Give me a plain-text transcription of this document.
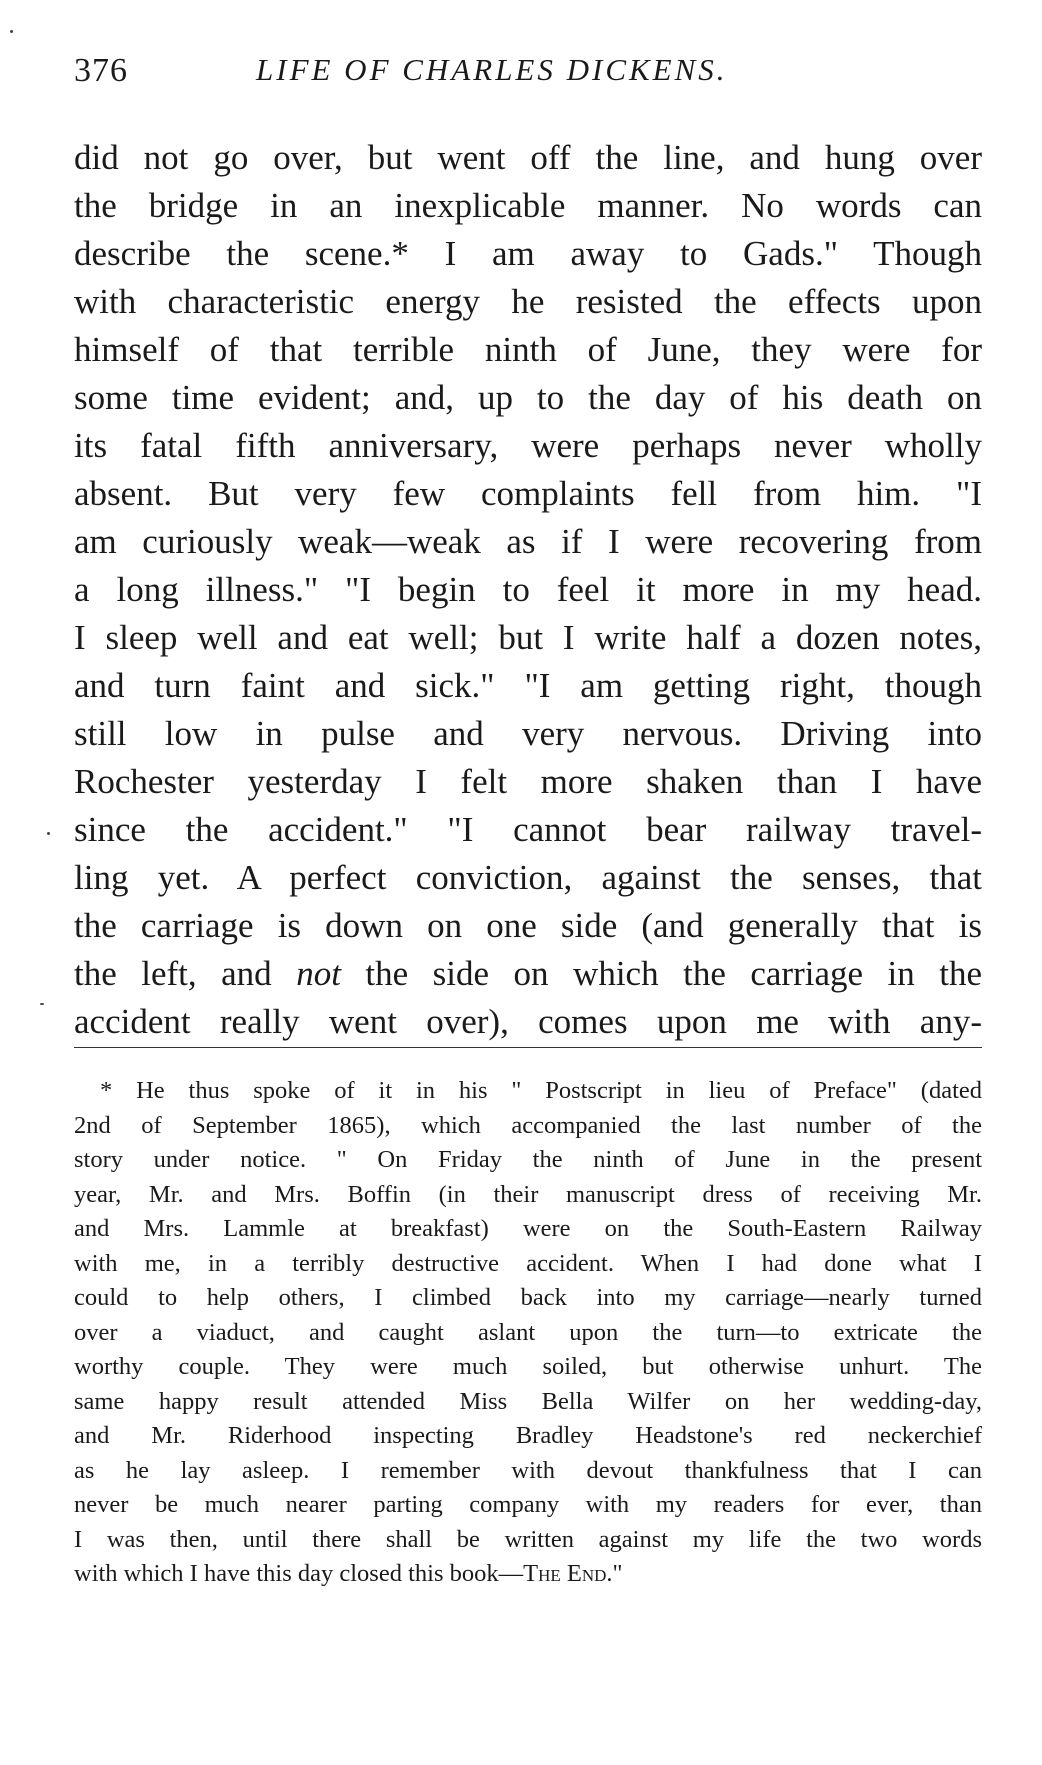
376	LIFE OF CHARLES DICKENS.
did not go over, but went off the line, and hung over
the bridge in an inexplicable manner. No words can
describe the scene.* I am away to Gads." Though
with characteristic energy he resisted the effects upon
himself of that terrible ninth of June, they were for
some time evident; and, up to the day of his death on
its fatal fifth anniversary, were perhaps never wholly
absent. But very few complaints fell from him. "I
am curiously weak—weak as if I were recovering from
a long illness." "I begin to feel it more in my head.
I sleep well and eat well; but I write half a dozen notes,
and turn faint and sick." "I am getting right, though
still low in pulse and very nervous. Driving into
Rochester yesterday I felt more shaken than I have
since the accident." "I cannot bear railway travel-
ling yet. A perfect conviction, against the senses, that
the carriage is down on one side (and generally that is
the left, and not the side on which the carriage in the
accident really went over), comes upon me with any-
* He thus spoke of it in his " Postscript in lieu of Preface" (dated
2nd of September 1865), which accompanied the last number of the
story under notice. " On Friday the ninth of June in the present
year, Mr. and Mrs. Boffin (in their manuscript dress of receiving Mr.
and Mrs. Lammle at breakfast) were on the South-Eastern Railway
with me, in a terribly destructive accident. When I had done what I
could to help others, I climbed back into my carriage—nearly turned
over a viaduct, and caught aslant upon the turn—to extricate the
worthy couple. They were much soiled, but otherwise unhurt. The
same happy result attended Miss Bella Wilfer on her wedding-day,
and Mr. Riderhood inspecting Bradley Headstone's red neckerchief
as he lay asleep. I remember with devout thankfulness that I can
never be much nearer parting company with my readers for ever, than
I was then, until there shall be written against my life the two words
with which I have this day closed this book—The End."
